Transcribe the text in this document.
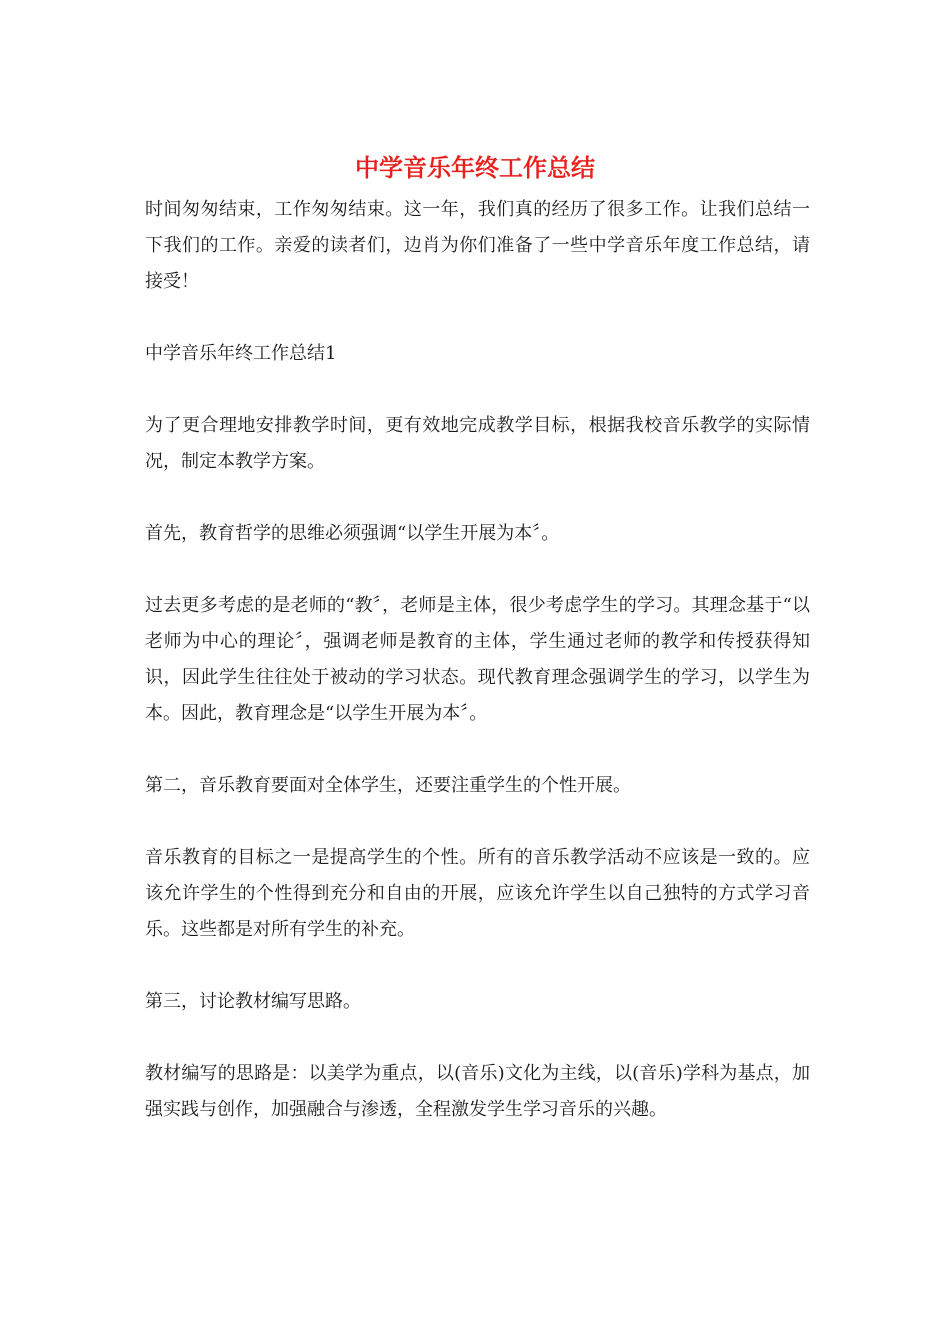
中学音乐年终工作总结

时间匆匆结束，工作匆匆结束。这一年，我们真的经历了很多工作。让我们总结一下我们的工作。亲爱的读者们，边肖为你们准备了一些中学音乐年度工作总结，请接受！

中学音乐年终工作总结1

为了更合理地安排教学时间，更有效地完成教学目标，根据我校音乐教学的实际情况，制定本教学方案。

首先，教育哲学的思维必须强调“以学生开展为本〞。

过去更多考虑的是老师的“教〞，老师是主体，很少考虑学生的学习。其理念基于“以老师为中心的理论〞，强调老师是教育的主体，学生通过老师的教学和传授获得知识，因此学生往往处于被动的学习状态。现代教育理念强调学生的学习，以学生为本。因此，教育理念是“以学生开展为本〞。

第二，音乐教育要面对全体学生，还要注重学生的个性开展。

音乐教育的目标之一是提高学生的个性。所有的音乐教学活动不应该是一致的。应该允许学生的个性得到充分和自由的开展，应该允许学生以自己独特的方式学习音乐。这些都是对所有学生的补充。

第三，讨论教材编写思路。

教材编写的思路是：以美学为重点，以(音乐)文化为主线，以(音乐)学科为基点，加强实践与创作，加强融合与渗透，全程激发学生学习音乐的兴趣。
